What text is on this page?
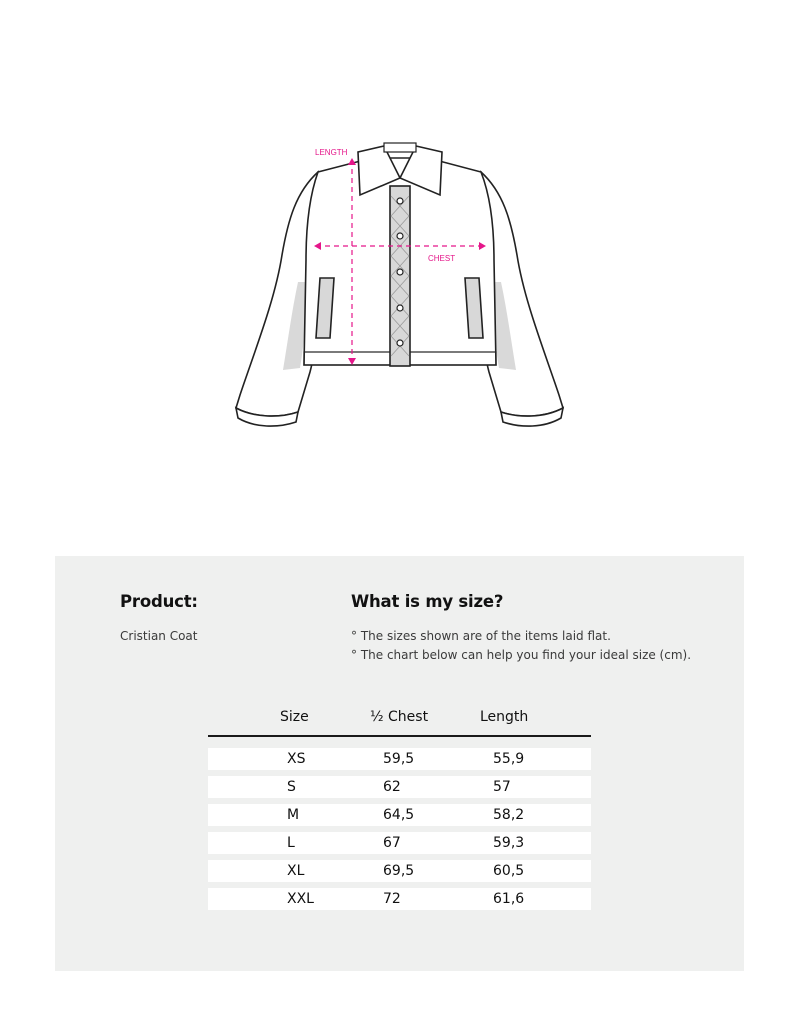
LENGTH
CHEST
Product:	What is my size?
Cristian Coat	° The sizes shown are of the items laid flat.
° The chart below can help you find your ideal size (cm).
Size	½ Chest	Length
XS	59,5	55,9
S	62	57
M	64,5	58,2
L	67	59,3
XL	69,5	60,5
XXL	72	61,6
